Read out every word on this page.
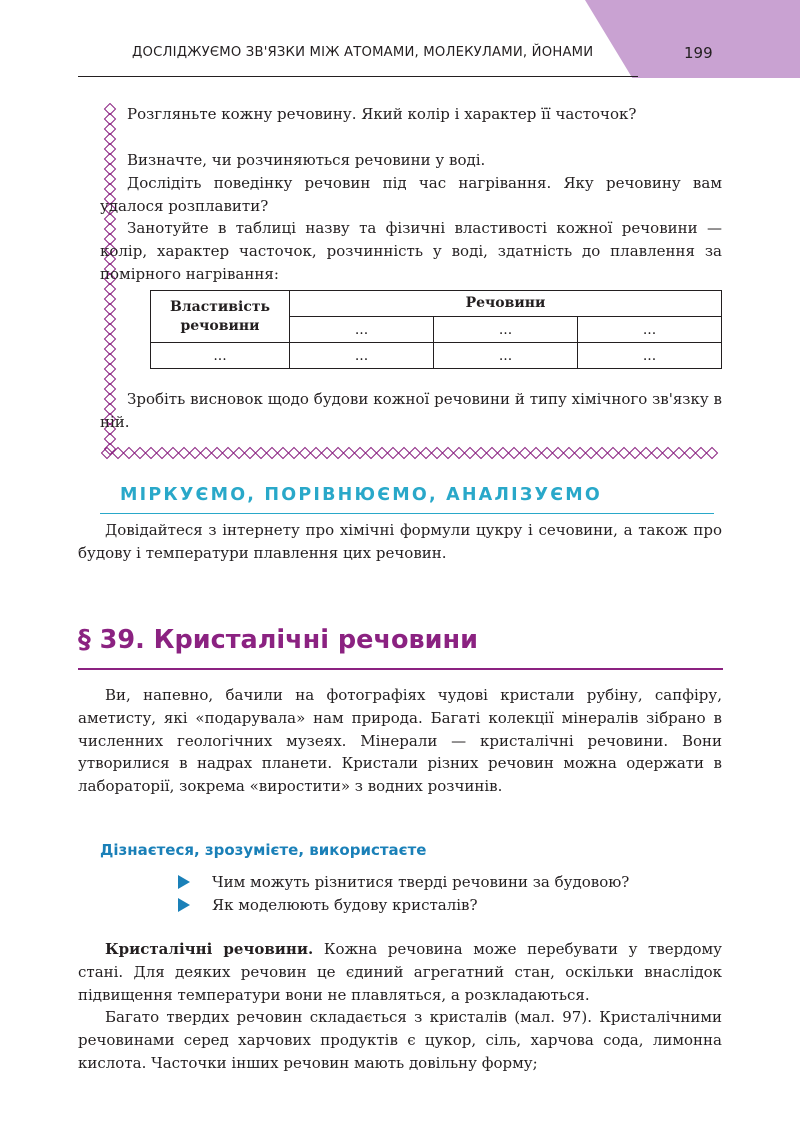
ДОСЛІДЖУЄМО ЗВ'ЯЗКИ МІЖ АТОМАМИ, МОЛЕКУЛАМИ, ЙОНАМИ	199

Розгляньте кожну речовину. Який колір і характер її часточок?

Визначте, чи розчиняються речовини у воді.

Дослідіть поведінку речовин під час нагрівання. Яку речовину вам удалося розплавити?

Занотуйте в таблиці назву та фізичні властивості кожної речовини — колір, характер часточок, розчинність у воді, здатність до плавлення за помірного нагрівання:

Властивість речовини	Речовини		
	...	...	...
...	...	...	...

Зробіть висновок щодо будови кожної речовини й типу хімічного зв'язку в ній.

МІРКУЄМО, ПОРІВНЮЄМО, АНАЛІЗУЄМО

Довідайтеся з інтернету про хімічні формули цукру і сечовини, а також про будову і температури плавлення цих речовин.

§ 39. Кристалічні речовини

Ви, напевно, бачили на фотографіях чудові кристали рубіну, сапфіру, аметисту, які «подарувала» нам природа. Багаті колекції мінералів зібрано в численних геологічних музеях. Мінерали — кристалічні речовини. Вони утворилися в надрах планети. Кристали різних речовин можна одержати в лабораторії, зокрема «виростити» з водних розчинів.

Дізнаєтеся, зрозумієте, використаєте
Чим можуть різнитися тверді речовини за будовою?
Як моделюють будову кристалів?

Кристалічні речовини. Кожна речовина може перебувати у твердому стані. Для деяких речовин це єдиний агрегатний стан, оскільки внаслідок підвищення температури вони не плавляться, а розкладаються.

Багато твердих речовин складається з кристалів (мал. 97). Кристалічними речовинами серед харчових продуктів є цукор, сіль, харчова сода, лимонна кислота. Часточки інших речовин мають довільну форму;
